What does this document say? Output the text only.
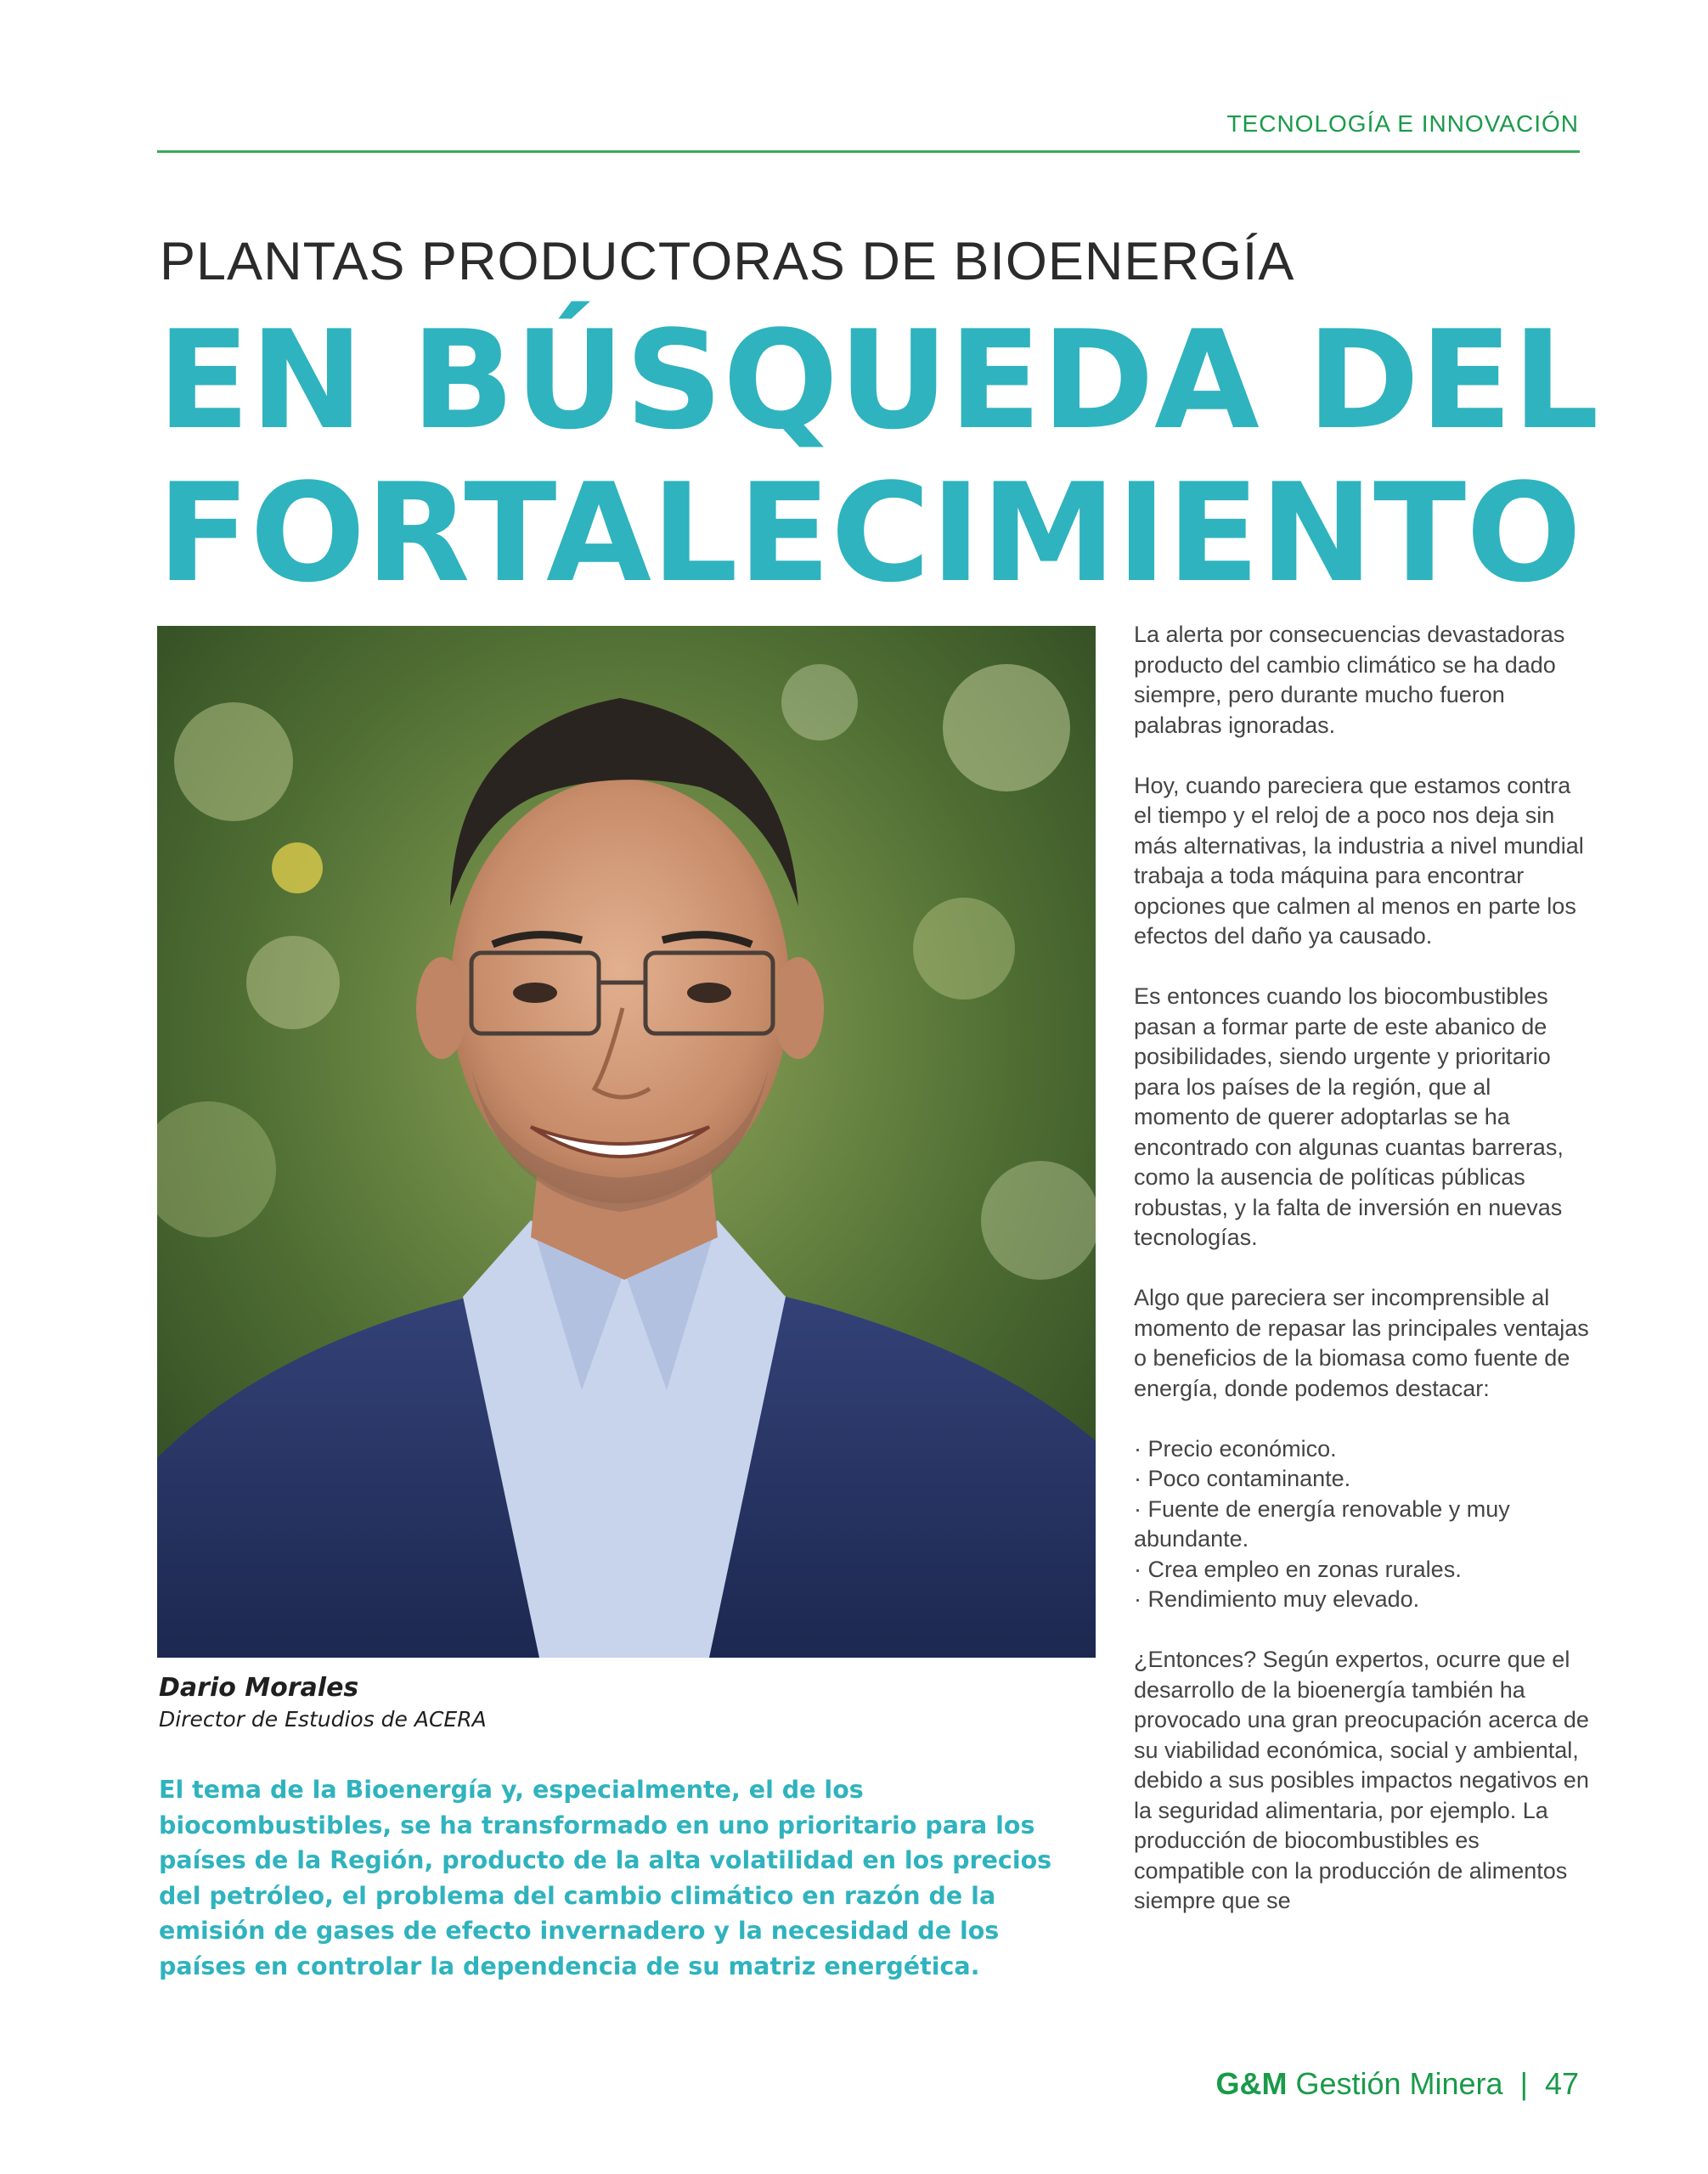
TECNOLOGÍA E INNOVACIÓN
PLANTAS PRODUCTORAS DE BIOENERGÍA
EN BÚSQUEDA DEL
FORTALECIMIENTO
Dario Morales
Director de Estudios de ACERA

El tema de la Bioenergía y, especialmente, el de los biocombustibles, se ha transformado en uno prioritario para los países de la Región, producto de la alta volatilidad en los precios del petróleo, el problema del cambio climático en razón de la emisión de gases de efecto invernadero y la necesidad de los países en controlar la dependencia de su matriz energética.

La alerta por consecuencias devastadoras producto del cambio climático se ha dado siempre, pero durante mucho fueron palabras ignoradas.

Hoy, cuando pareciera que estamos contra el tiempo y el reloj de a poco nos deja sin más alternativas, la industria a nivel mundial trabaja a toda máquina para encontrar opciones que calmen al menos en parte los efectos del daño ya causado.

Es entonces cuando los biocombustibles pasan a formar parte de este abanico de posibilidades, siendo urgente y prioritario para los países de la región, que al momento de querer adoptarlas se ha encontrado con algunas cuantas barreras, como la ausencia de políticas públicas robustas, y la falta de inversión en nuevas tecnologías.

Algo que pareciera ser incomprensible al momento de repasar las principales ventajas o beneficios de la biomasa como fuente de energía, donde podemos destacar:

· Precio económico.
· Poco contaminante.
· Fuente de energía renovable y muy abundante.
· Crea empleo en zonas rurales.
· Rendimiento muy elevado.

¿Entonces? Según expertos, ocurre que el desarrollo de la bioenergía también ha provocado una gran preocupación acerca de su viabilidad económica, social y ambiental, debido a sus posibles impactos negativos en la seguridad alimentaria, por ejemplo. La producción de biocombustibles es compatible con la producción de alimentos siempre que se

G&M Gestión Minera | 47
